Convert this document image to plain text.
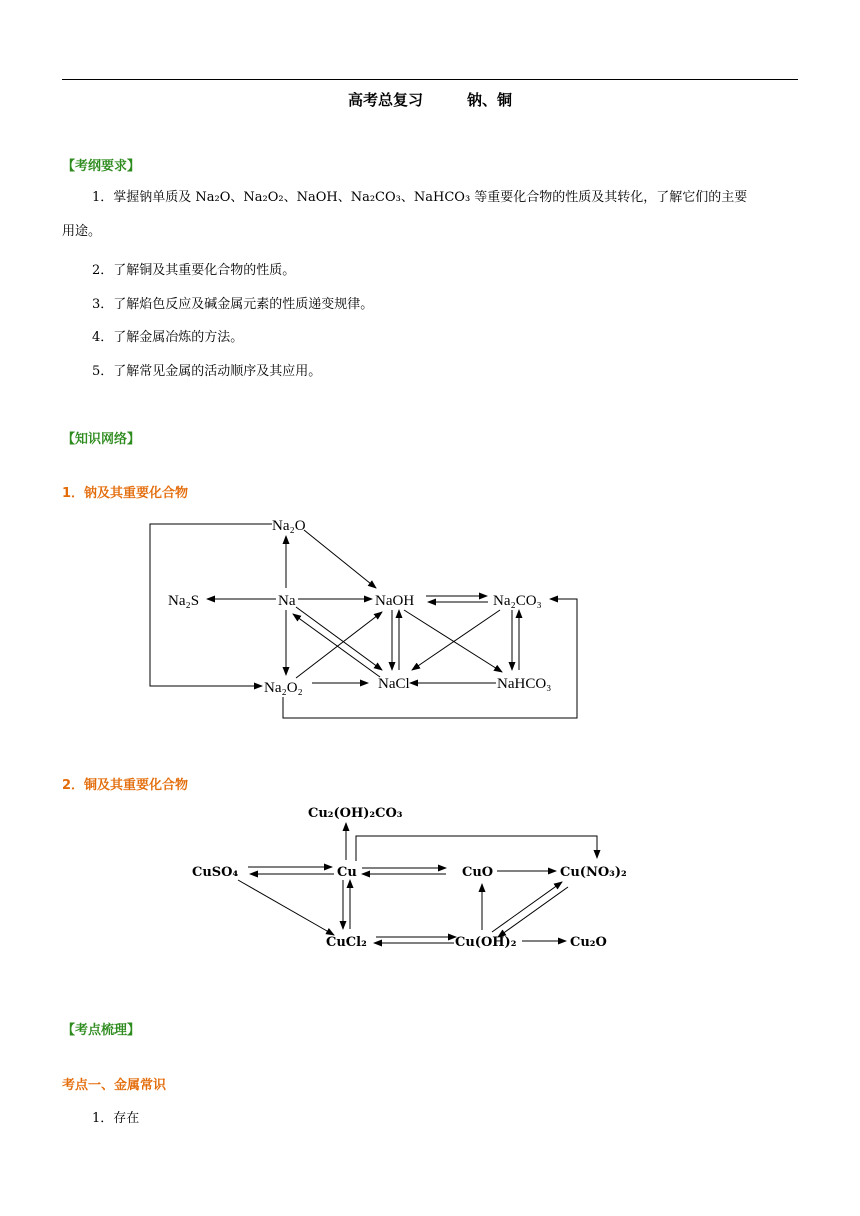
高考总复习	钠、铜
【考纲要求】
1．掌握钠单质及 Na₂O、Na₂O₂、NaOH、Na₂CO₃、NaHCO₃ 等重要化合物的性质及其转化，了解它们的主要
用途。
2．了解铜及其重要化合物的性质。
3．了解焰色反应及碱金属元素的性质递变规律。
4．了解金属冶炼的方法。
5．了解常见金属的活动顺序及其应用。
【知识网络】
1．钠及其重要化合物
Na₂O
Na₂S	Na	NaOH	Na₂CO₃
Na₂O₂	NaCl	NaHCO₃
2．铜及其重要化合物
Cu₂(OH)₂CO₃
CuSO₄	Cu	CuO	Cu(NO₃)₂
CuCl₂	Cu(OH)₂	Cu₂O
【考点梳理】
考点一、金属常识
1．存在
